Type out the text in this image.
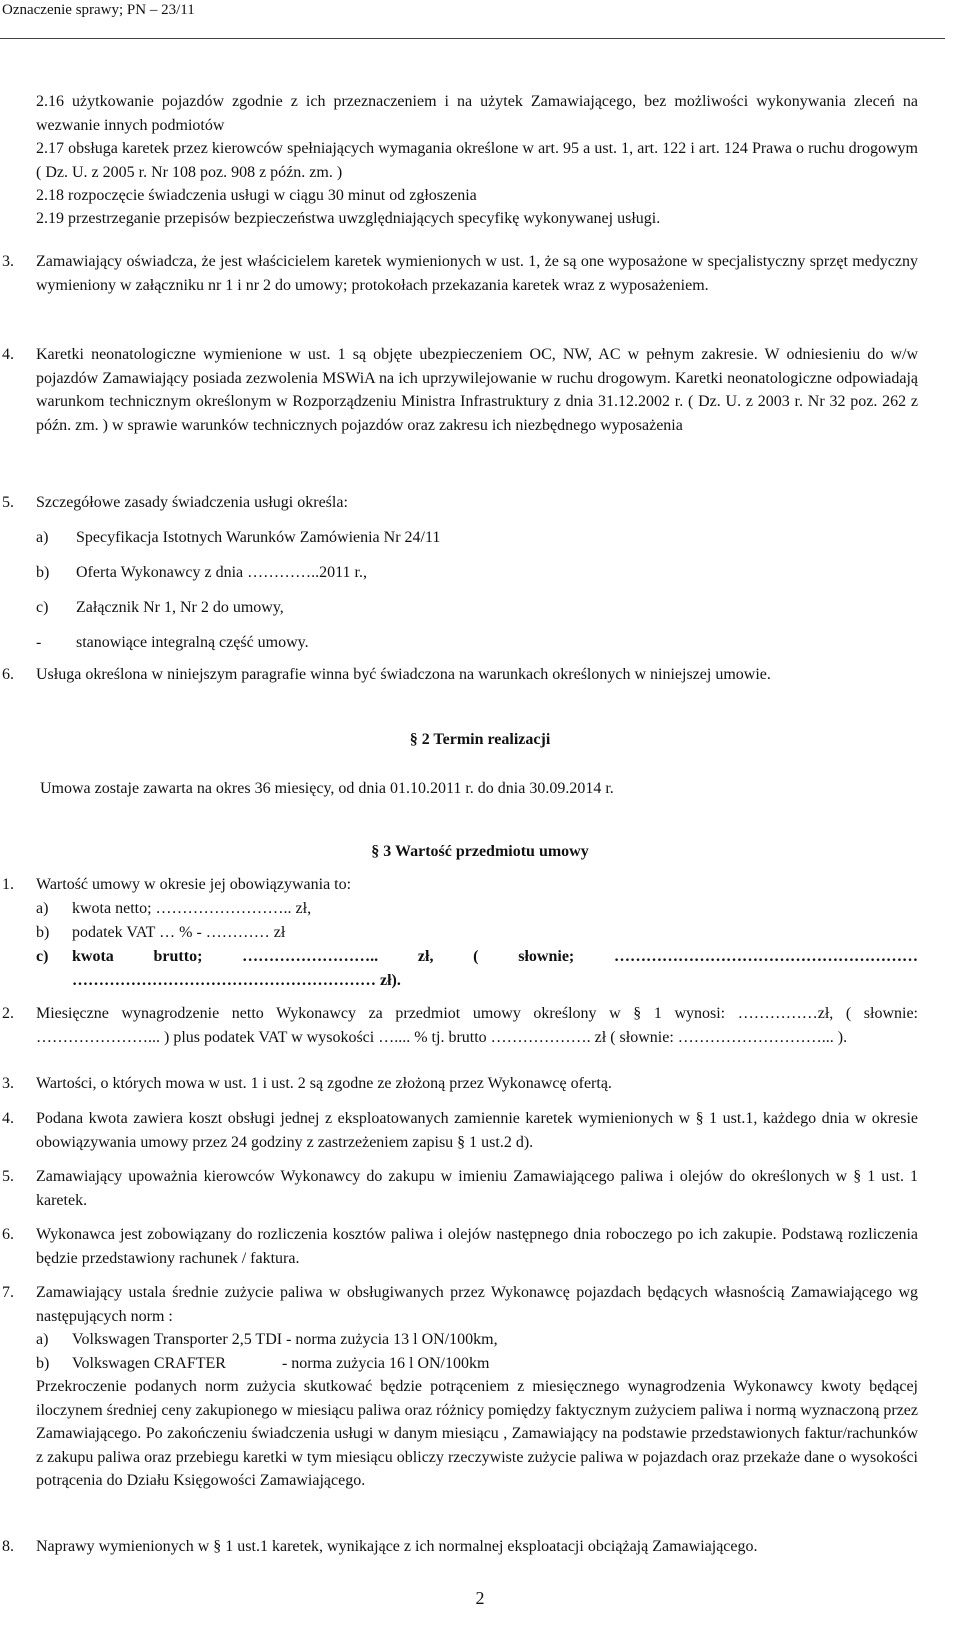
Oznaczenie sprawy; PN – 23/11
2.16 użytkowanie pojazdów zgodnie z ich przeznaczeniem i na użytek Zamawiającego, bez możliwości wykonywania zleceń na wezwanie innych podmiotów
2.17 obsługa karetek przez kierowców spełniających wymagania określone w art. 95 a ust. 1, art. 122 i art. 124 Prawa o ruchu drogowym ( Dz. U. z 2005 r. Nr 108 poz. 908 z późn. zm. )
2.18 rozpoczęcie świadczenia usługi w ciągu 30 minut od zgłoszenia
2.19 przestrzeganie przepisów bezpieczeństwa uwzględniających specyfikę wykonywanej usługi.
3. Zamawiający oświadcza, że jest właścicielem karetek wymienionych w ust. 1, że są one wyposażone w specjalistyczny sprzęt medyczny wymieniony w załączniku nr 1 i nr 2 do umowy; protokołach przekazania karetek wraz z wyposażeniem.
4. Karetki neonatologiczne wymienione w ust. 1 są objęte ubezpieczeniem OC, NW, AC w pełnym zakresie. W odniesieniu do w/w pojazdów Zamawiający posiada zezwolenia MSWiA na ich uprzywilejowanie w ruchu drogowym. Karetki neonatologiczne odpowiadają warunkom technicznym określonym w Rozporządzeniu Ministra Infrastruktury z dnia 31.12.2002 r. ( Dz. U. z 2003 r. Nr 32 poz. 262 z późn. zm. ) w sprawie warunków technicznych pojazdów oraz zakresu ich niezbędnego wyposażenia
5. Szczegółowe zasady świadczenia usługi określa:
a) Specyfikacja Istotnych Warunków Zamówienia Nr 24/11
b) Oferta Wykonawcy z dnia …………..2011 r.,
c) Załącznik Nr 1, Nr 2 do umowy,
- stanowiące integralną część umowy.
6. Usługa określona w niniejszym paragrafie winna być świadczona na warunkach określonych w niniejszej umowie.
§ 2 Termin realizacji
Umowa zostaje zawarta na okres 36 miesięcy, od dnia 01.10.2011 r. do dnia 30.09.2014 r.
§ 3 Wartość przedmiotu umowy
1. Wartość umowy w okresie jej obowiązywania to:
a) kwota netto; …………………….. zł,
b) podatek VAT … % - ………… zł
c) kwota brutto; …………………….. zł, ( słownie; ………………………………………………… ………………………………………………… zł).
2. Miesięczne wynagrodzenie netto Wykonawcy za przedmiot umowy określony w § 1 wynosi: ……………zł, ( słownie: …………………... ) plus podatek VAT w wysokości ….... % tj. brutto ………………. zł ( słownie: ………………………... ).
3. Wartości, o których mowa w ust. 1 i ust. 2 są zgodne ze złożoną przez Wykonawcę ofertą.
4. Podana kwota zawiera koszt obsługi jednej z eksploatowanych zamiennie karetek wymienionych w § 1 ust.1, każdego dnia w okresie obowiązywania umowy przez 24 godziny z zastrzeżeniem zapisu § 1 ust.2 d).
5. Zamawiający upoważnia kierowców Wykonawcy do zakupu w imieniu Zamawiającego paliwa i olejów do określonych w § 1 ust. 1 karetek.
6. Wykonawca jest zobowiązany do rozliczenia kosztów paliwa i olejów następnego dnia roboczego po ich zakupie. Podstawą rozliczenia będzie przedstawiony rachunek / faktura.
7. Zamawiający ustala średnie zużycie paliwa w obsługiwanych przez Wykonawcę pojazdach będących własnością Zamawiającego wg następujących norm :
a) Volkswagen Transporter 2,5 TDI - norma zużycia 13 l ON/100km,
b) Volkswagen CRAFTER              - norma zużycia 16 l ON/100km
Przekroczenie podanych norm zużycia skutkować będzie potrąceniem z miesięcznego wynagrodzenia Wykonawcy kwoty będącej iloczynem średniej ceny zakupionego w miesiącu paliwa oraz różnicy pomiędzy faktycznym zużyciem paliwa i normą wyznaczoną przez Zamawiającego. Po zakończeniu świadczenia usługi w danym miesiącu , Zamawiający na podstawie przedstawionych faktur/rachunków z zakupu paliwa oraz przebiegu karetki w tym miesiącu obliczy rzeczywiste zużycie paliwa w pojazdach oraz przekaże dane o wysokości potrącenia do Działu Księgowości Zamawiającego.
8. Naprawy wymienionych w § 1 ust.1 karetek, wynikające z ich normalnej eksploatacji obciążają Zamawiającego.
2
